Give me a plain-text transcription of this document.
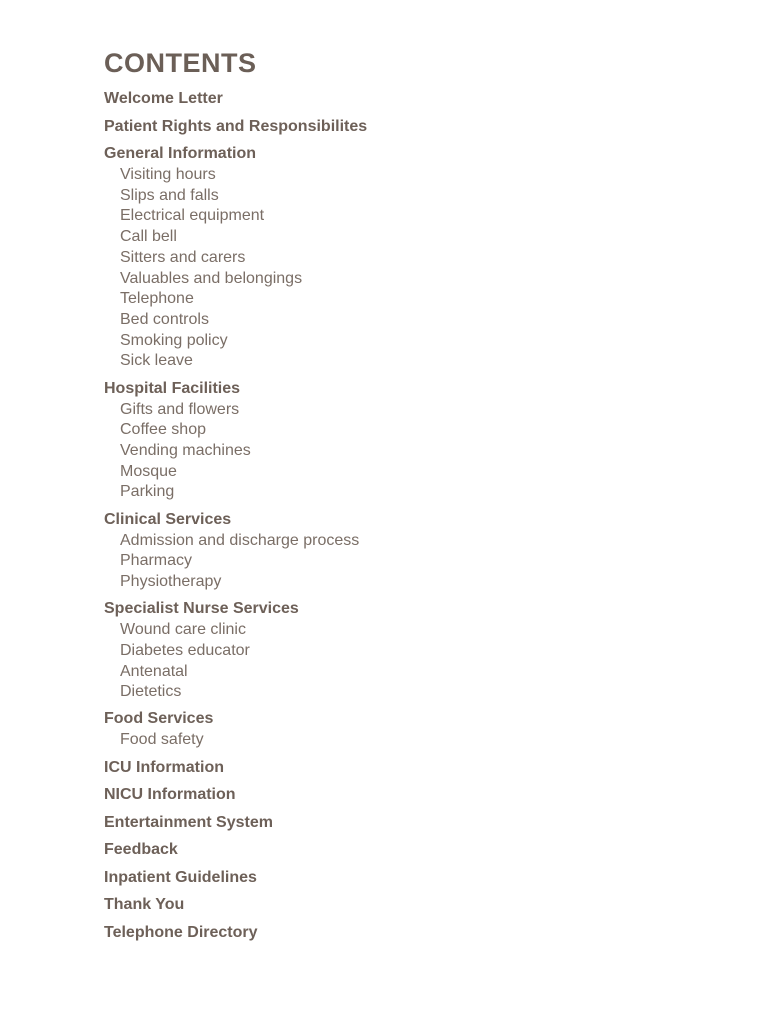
CONTENTS
Welcome Letter
Patient Rights and Responsibilites
General Information
Visiting hours
Slips and falls
Electrical equipment
Call bell
Sitters and carers
Valuables and belongings
Telephone
Bed controls
Smoking policy
Sick leave
Hospital Facilities
Gifts and flowers
Coffee shop
Vending machines
Mosque
Parking
Clinical Services
Admission and discharge process
Pharmacy
Physiotherapy
Specialist Nurse Services
Wound care clinic
Diabetes educator
Antenatal
Dietetics
Food Services
Food safety
ICU Information
NICU Information
Entertainment System
Feedback
Inpatient Guidelines
Thank You
Telephone Directory
